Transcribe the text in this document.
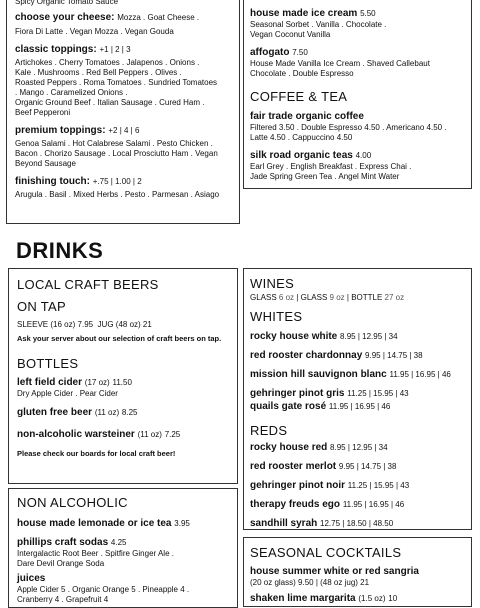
Spicy Organic Tomato Sauce
choose your cheese: Mozza . Goat Cheese .
Fiora Di Latte . Vegan Mozza . Vegan Gouda
classic toppings: +1 | 2 | 3
Artichokes . Cherry Tomatoes . Jalapenos . Onions .
Kale . Mushrooms . Red Bell Peppers . Olives .
Roasted Peppers . Roma Tomatoes . Sundried Tomatoes
. Mango . Caramelized Onions .
Organic Ground Beef . Italian Sausage . Cured Ham .
Beef Pepperoni
premium toppings: +2 | 4 | 6
Genoa Salami . Hot Calabrese Salami . Pesto Chicken .
Bacon . Chorizo Sausage . Local Prosciutto Ham . Vegan
Beyond Sausage
finishing touch: +.75 | 1.00 | 2
Arugula . Basil . Mixed Herbs . Pesto . Parmesan . Asiago
house made ice cream 5.50
Seasonal Sorbet . Vanilla . Chocolate .
Vegan Coconut Vanilla
affogato 7.50
House Made Vanilla Ice Cream . Shaved Callebaut
Chocolate . Double Espresso
COFFEE & TEA
fair trade organic coffee
Filtered 3.50 . Double Espresso 4.50 . Americano 4.50 .
Latte 4.50 . Cappuccino 4.50
silk road organic teas 4.00
Earl Grey . English Breakfast . Express Chai .
Jade Spring Green Tea . Angel Mint Water
DRINKS
LOCAL CRAFT BEERS
ON TAP
SLEEVE (16 oz) 7.95 JUG (48 oz) 21
Ask your server about our selection of craft beers on tap.
BOTTLES
left field cider (17 oz) 11.50
Dry Apple Cider . Pear Cider
gluten free beer (11 oz) 8.25
non-alcoholic warsteiner (11 oz) 7.25
Please check our boards for local craft beer!
NON ALCOHOLIC
house made lemonade or ice tea 3.95
phillips craft sodas 4.25
Intergalactic Root Beer . Spitfire Ginger Ale .
Dare Devil Orange Soda
juices
Apple Cider 5 . Organic Orange 5 . Pineapple 4 .
Cranberry 4 . Grapefruit 4
WINES
GLASS 6 oz | GLASS 9 oz | BOTTLE 27 oz
WHITES
rocky house white 8.95 | 12.95 | 34
red rooster chardonnay 9.95 | 14.75 | 38
mission hill sauvignon blanc 11.95 | 16.95 | 46
gehringer pinot gris 11.25 | 15.95 | 43
quails gate rosé 11.95 | 16.95 | 46
REDS
rocky house red 8.95 | 12.95 | 34
red rooster merlot 9.95 | 14.75 | 38
gehringer pinot noir 11.25 | 15.95 | 43
therapy freuds ego 11.95 | 16.95 | 46
sandhill syrah 12.75 | 18.50 | 48.50
SEASONAL COCKTAILS
house summer white or red sangria
(20 oz glass) 9.50 | (48 oz jug) 21
shaken lime margarita (1.5 oz) 10
